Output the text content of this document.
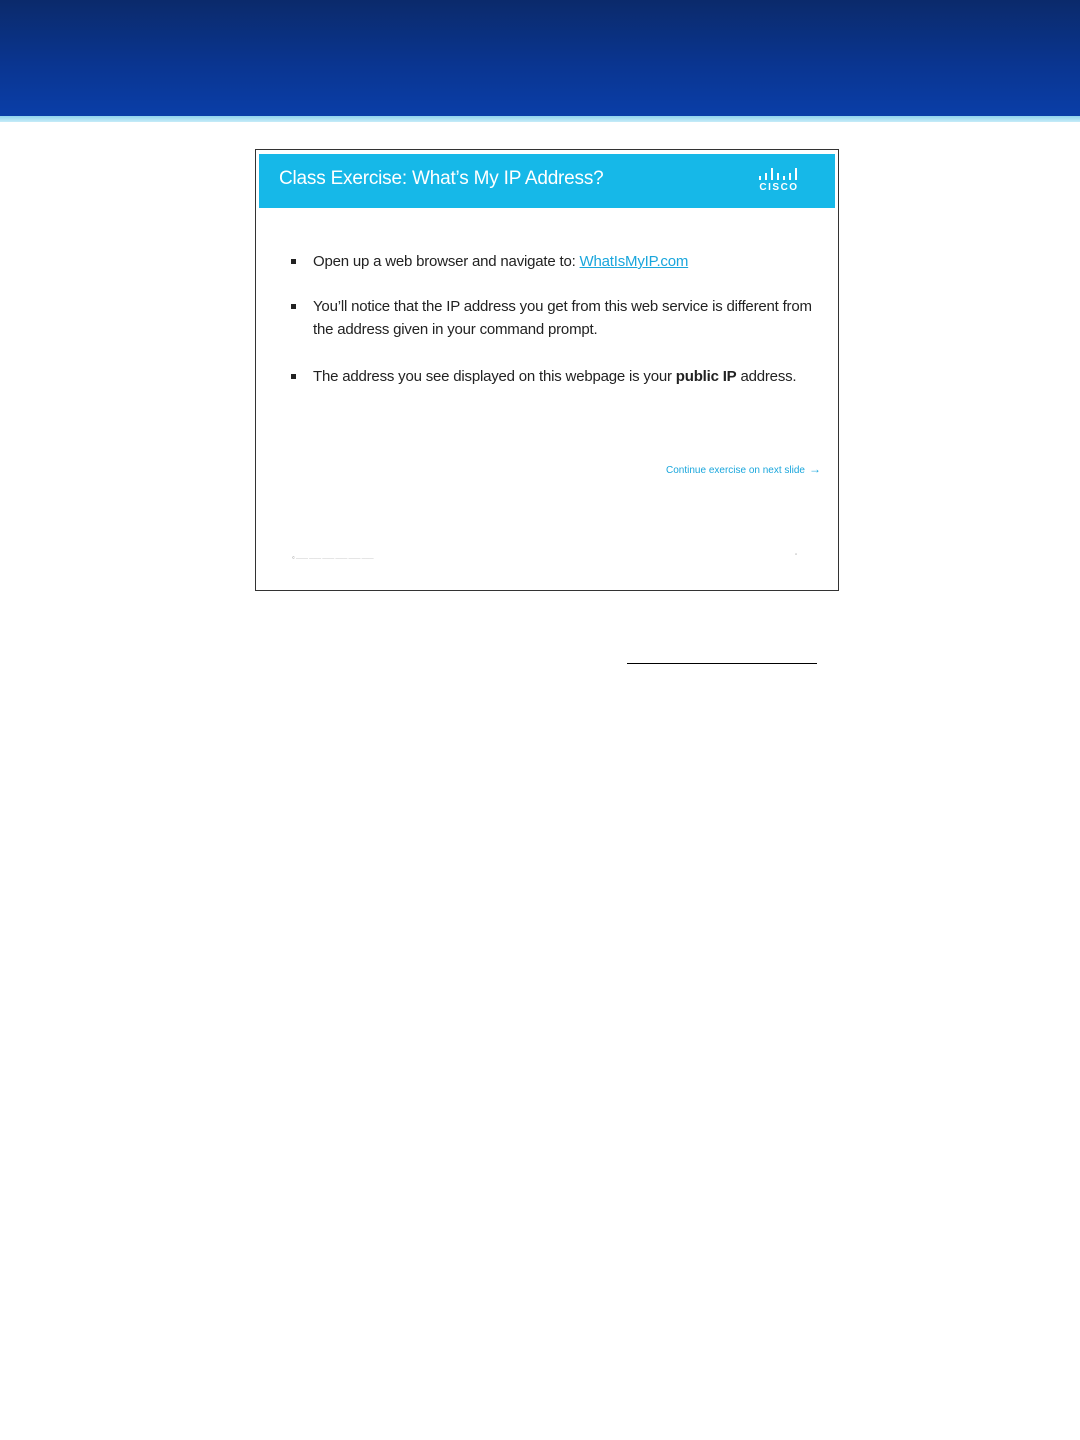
Class Exercise: What’s My IP Address?	CISCO
Open up a web browser and navigate to: WhatIsMyIP.com
You’ll notice that the IP address you get from this web service is different from the address given in your command prompt.
The address you see displayed on this webpage is your public IP address.
Continue exercise on next slide →
© ——— ——— ——— ——— ——— ———	▫
